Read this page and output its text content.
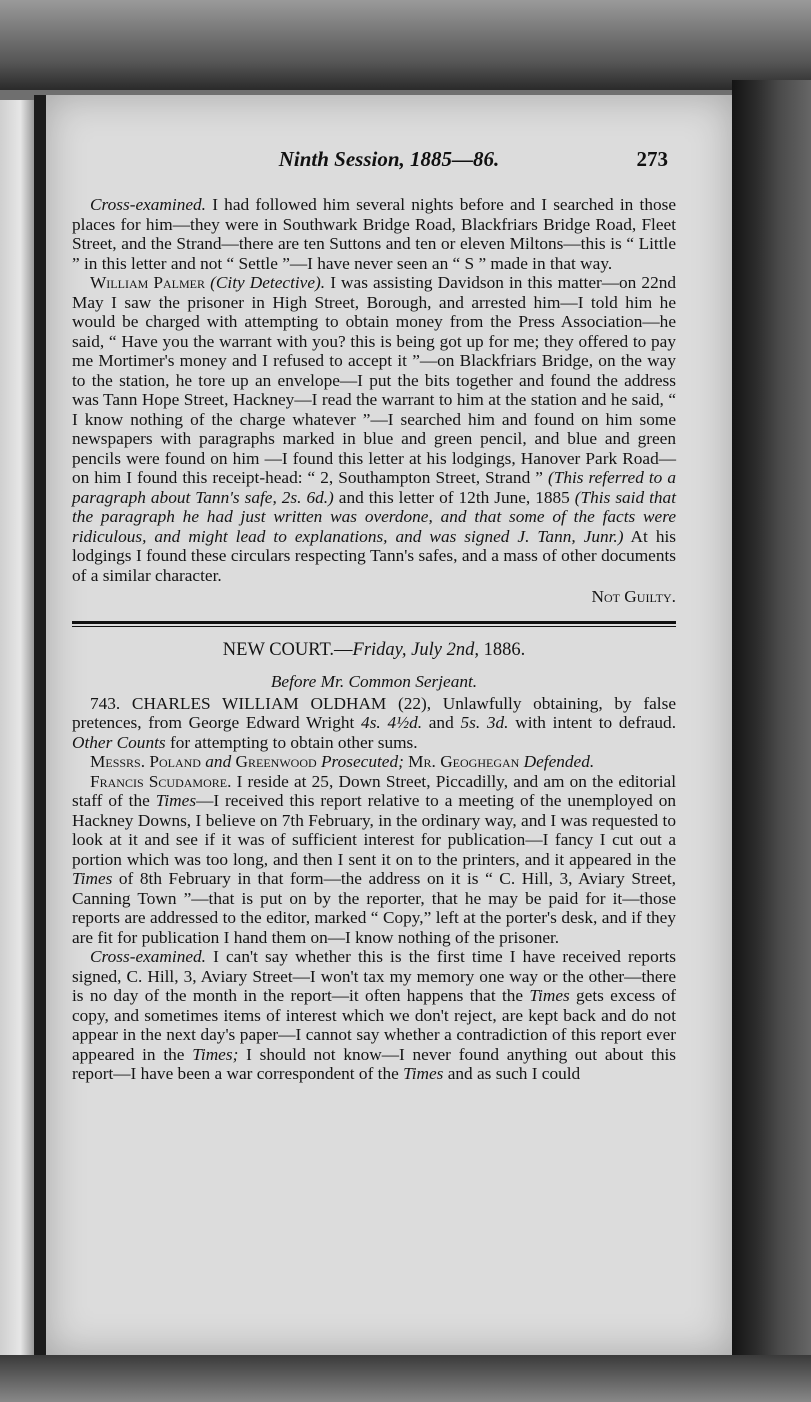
Ninth Session, 1885—86.	273

Cross-examined. I had followed him several nights before and I searched in those places for him—they were in Southwark Bridge Road, Blackfriars Bridge Road, Fleet Street, and the Strand—there are ten Suttons and ten or eleven Miltons—this is “ Little ” in this letter and not “ Settle ”—I have never seen an “ S ” made in that way.

William Palmer (City Detective). I was assisting Davidson in this matter—on 22nd May I saw the prisoner in High Street, Borough, and arrested him—I told him he would be charged with attempting to obtain money from the Press Association—he said, “ Have you the warrant with you? this is being got up for me; they offered to pay me Mortimer's money and I refused to accept it ”—on Blackfriars Bridge, on the way to the station, he tore up an envelope—I put the bits together and found the address was Tann Hope Street, Hackney—I read the warrant to him at the station and he said, “ I know nothing of the charge whatever ”—I searched him and found on him some newspapers with paragraphs marked in blue and green pencil, and blue and green pencils were found on him —I found this letter at his lodgings, Hanover Park Road—on him I found this receipt-head: “ 2, Southampton Street, Strand ” (This referred to a paragraph about Tann's safe, 2s. 6d.) and this letter of 12th June, 1885 (This said that the paragraph he had just written was overdone, and that some of the facts were ridiculous, and might lead to explanations, and was signed J. Tann, Junr.) At his lodgings I found these circulars respecting Tann's safes, and a mass of other documents of a similar character.

Not Guilty.
NEW COURT.—Friday, July 2nd, 1886.
Before Mr. Common Serjeant.

743. CHARLES WILLIAM OLDHAM (22), Unlawfully obtaining, by false pretences, from George Edward Wright 4s. 4½d. and 5s. 3d. with intent to defraud. Other Counts for attempting to obtain other sums.

Messrs. Poland and Greenwood Prosecuted; Mr. Geoghegan Defended.

Francis Scudamore. I reside at 25, Down Street, Piccadilly, and am on the editorial staff of the Times—I received this report relative to a meeting of the unemployed on Hackney Downs, I believe on 7th February, in the ordinary way, and I was requested to look at it and see if it was of sufficient interest for publication—I fancy I cut out a portion which was too long, and then I sent it on to the printers, and it appeared in the Times of 8th February in that form—the address on it is “ C. Hill, 3, Aviary Street, Canning Town ”—that is put on by the reporter, that he may be paid for it—those reports are addressed to the editor, marked “ Copy,” left at the porter's desk, and if they are fit for publication I hand them on—I know nothing of the prisoner.

Cross-examined. I can't say whether this is the first time I have received reports signed, C. Hill, 3, Aviary Street—I won't tax my memory one way or the other—there is no day of the month in the report—it often happens that the Times gets excess of copy, and sometimes items of interest which we don't reject, are kept back and do not appear in the next day's paper—I cannot say whether a contradiction of this report ever appeared in the Times; I should not know—I never found anything out about this report—I have been a war correspondent of the Times and as such I could
